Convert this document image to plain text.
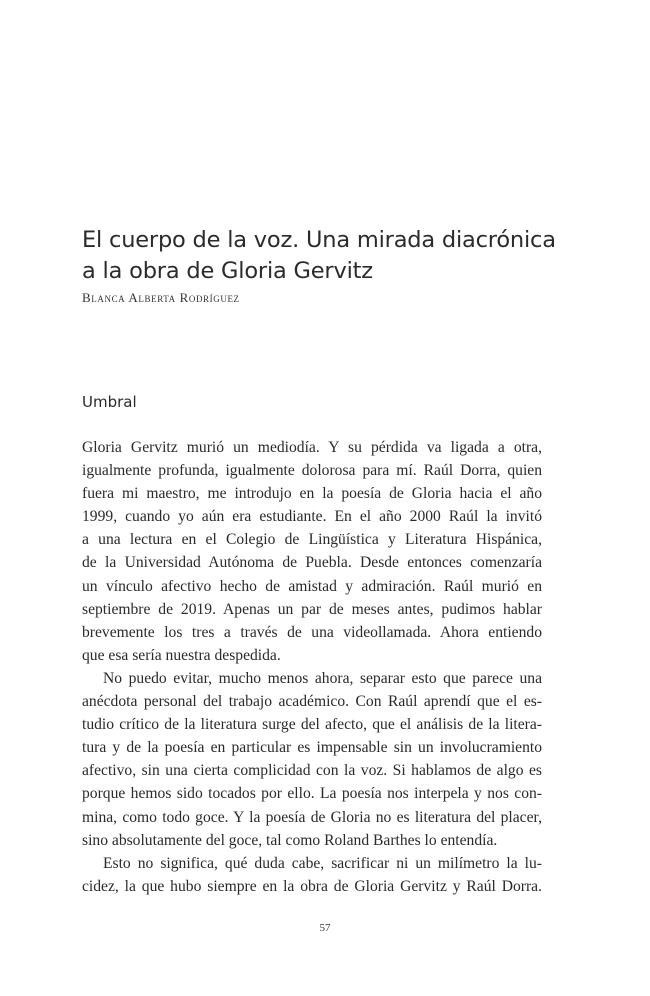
El cuerpo de la voz. Una mirada diacrónica
a la obra de Gloria Gervitz

Blanca Alberta Rodríguez

Umbral
Gloria Gervitz murió un mediodía. Y su pérdida va ligada a otra,
igualmente profunda, igualmente dolorosa para mí. Raúl Dorra, quien
fuera mi maestro, me introdujo en la poesía de Gloria hacia el año
1999, cuando yo aún era estudiante. En el año 2000 Raúl la invitó
a una lectura en el Colegio de Lingüística y Literatura Hispánica,
de la Universidad Autónoma de Puebla. Desde entonces comenzaría
un vínculo afectivo hecho de amistad y admiración. Raúl murió en
septiembre de 2019. Apenas un par de meses antes, pudimos hablar
brevemente los tres a través de una videollamada. Ahora entiendo
que esa sería nuestra despedida.
No puedo evitar, mucho menos ahora, separar esto que parece una
anécdota personal del trabajo académico. Con Raúl aprendí que el es-
tudio crítico de la literatura surge del afecto, que el análisis de la litera-
tura y de la poesía en particular es impensable sin un involucramiento
afectivo, sin una cierta complicidad con la voz. Si hablamos de algo es
porque hemos sido tocados por ello. La poesía nos interpela y nos con-
mina, como todo goce. Y la poesía de Gloria no es literatura del placer,
sino absolutamente del goce, tal como Roland Barthes lo entendía.
Esto no significa, qué duda cabe, sacrificar ni un milímetro la lu-
cidez, la que hubo siempre en la obra de Gloria Gervitz y Raúl Dorra.

57
